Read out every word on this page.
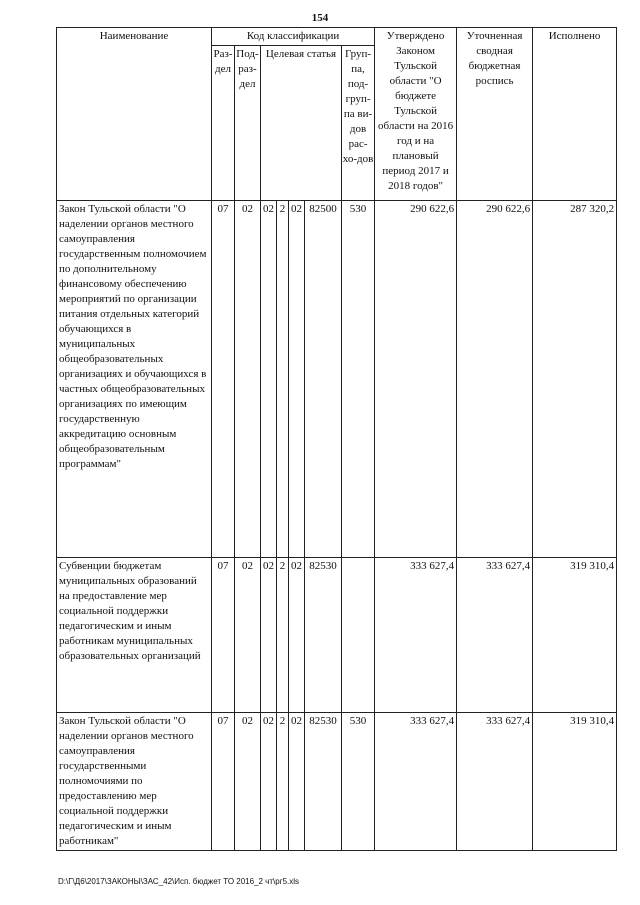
154
Наименование	Код классификации							Утверждено Законом Тульской области "О бюджете Тульской области на 2016 год и на плановый период 2017 и 2018 годов"	Уточненная сводная бюджетная роспись	Исполнено
	Раз-дел	Под-раз-дел	Целевая статья				Груп-па, под-груп-па ви-дов рас-хо-дов			
Закон Тульской области "О наделении органов местного самоуправления государственным полномочием по дополнительному финансовому обеспечению мероприятий по организации питания отдельных категорий обучающихся в муниципальных общеобразовательных организациях и обучающихся в частных общеобразовательных организациях по имеющим государственную аккредитацию основным общеобразовательным программам"	07	02	02	2	02	82500	530	290 622,6	290 622,6	287 320,2
Субвенции бюджетам муниципальных образований на предоставление мер социальной поддержки педагогическим и иным работникам муниципальных образовательных организаций	07	02	02	2	02	82530		333 627,4	333 627,4	319 310,4
Закон Тульской области "О наделении органов местного самоуправления государственными полномочиями по предоставлению мер социальной поддержки педагогическим и иным работникам"	07	02	02	2	02	82530	530	333 627,4	333 627,4	319 310,4
D:\Г\Д6\2017\ЗАКОНЫ\ЗАС_42\Исп. бюджет ТО 2016_2 чт\рг5.xls
